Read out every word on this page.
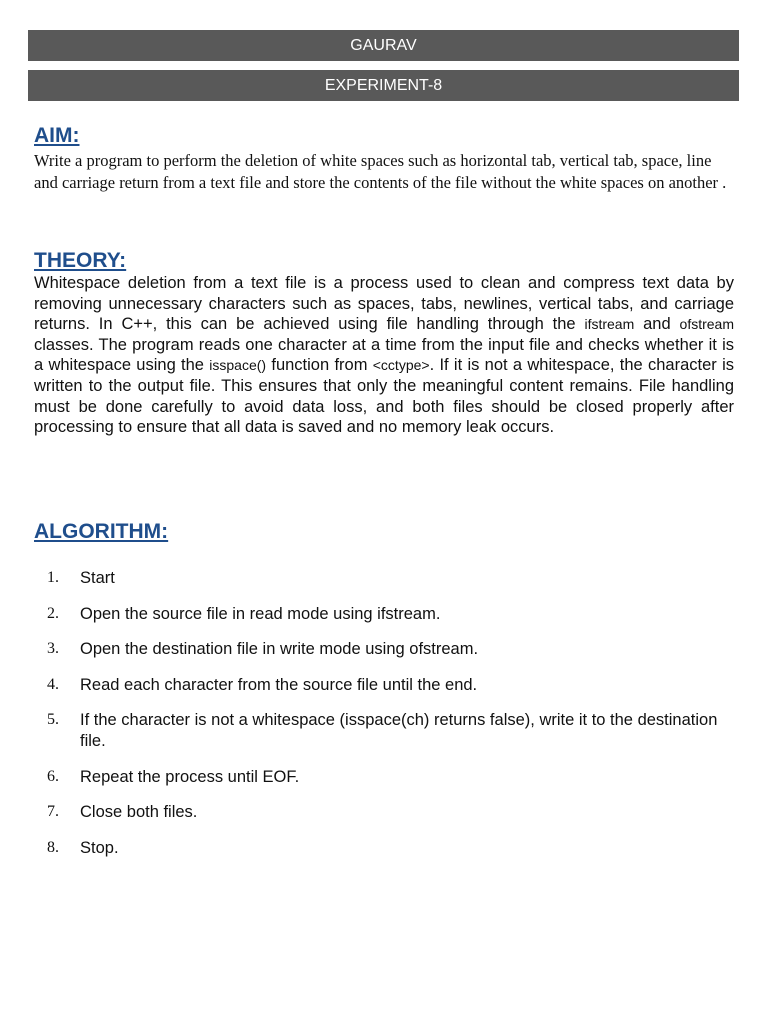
GAURAV
EXPERIMENT-8
AIM:

Write a program to perform the deletion of white spaces such as horizontal tab, vertical tab, space, line and carriage return from a text file and store the contents of the file without the white spaces on another .

THEORY:

Whitespace deletion from a text file is a process used to clean and compress text data by removing unnecessary characters such as spaces, tabs, newlines, vertical tabs, and carriage returns. In C++, this can be achieved using file handling through the ifstream and ofstream classes. The program reads one character at a time from the input file and checks whether it is a whitespace using the isspace() function from <cctype>. If it is not a whitespace, the character is written to the output file. This ensures that only the meaningful content remains. File handling must be done carefully to avoid data loss, and both files should be closed properly after processing to ensure that all data is saved and no memory leak occurs.

ALGORITHM:
1. Start
2. Open the source file in read mode using ifstream.
3. Open the destination file in write mode using ofstream.
4. Read each character from the source file until the end.
5. If the character is not a whitespace (isspace(ch) returns false), write it to the destination file.
6. Repeat the process until EOF.
7. Close both files.
8. Stop.
